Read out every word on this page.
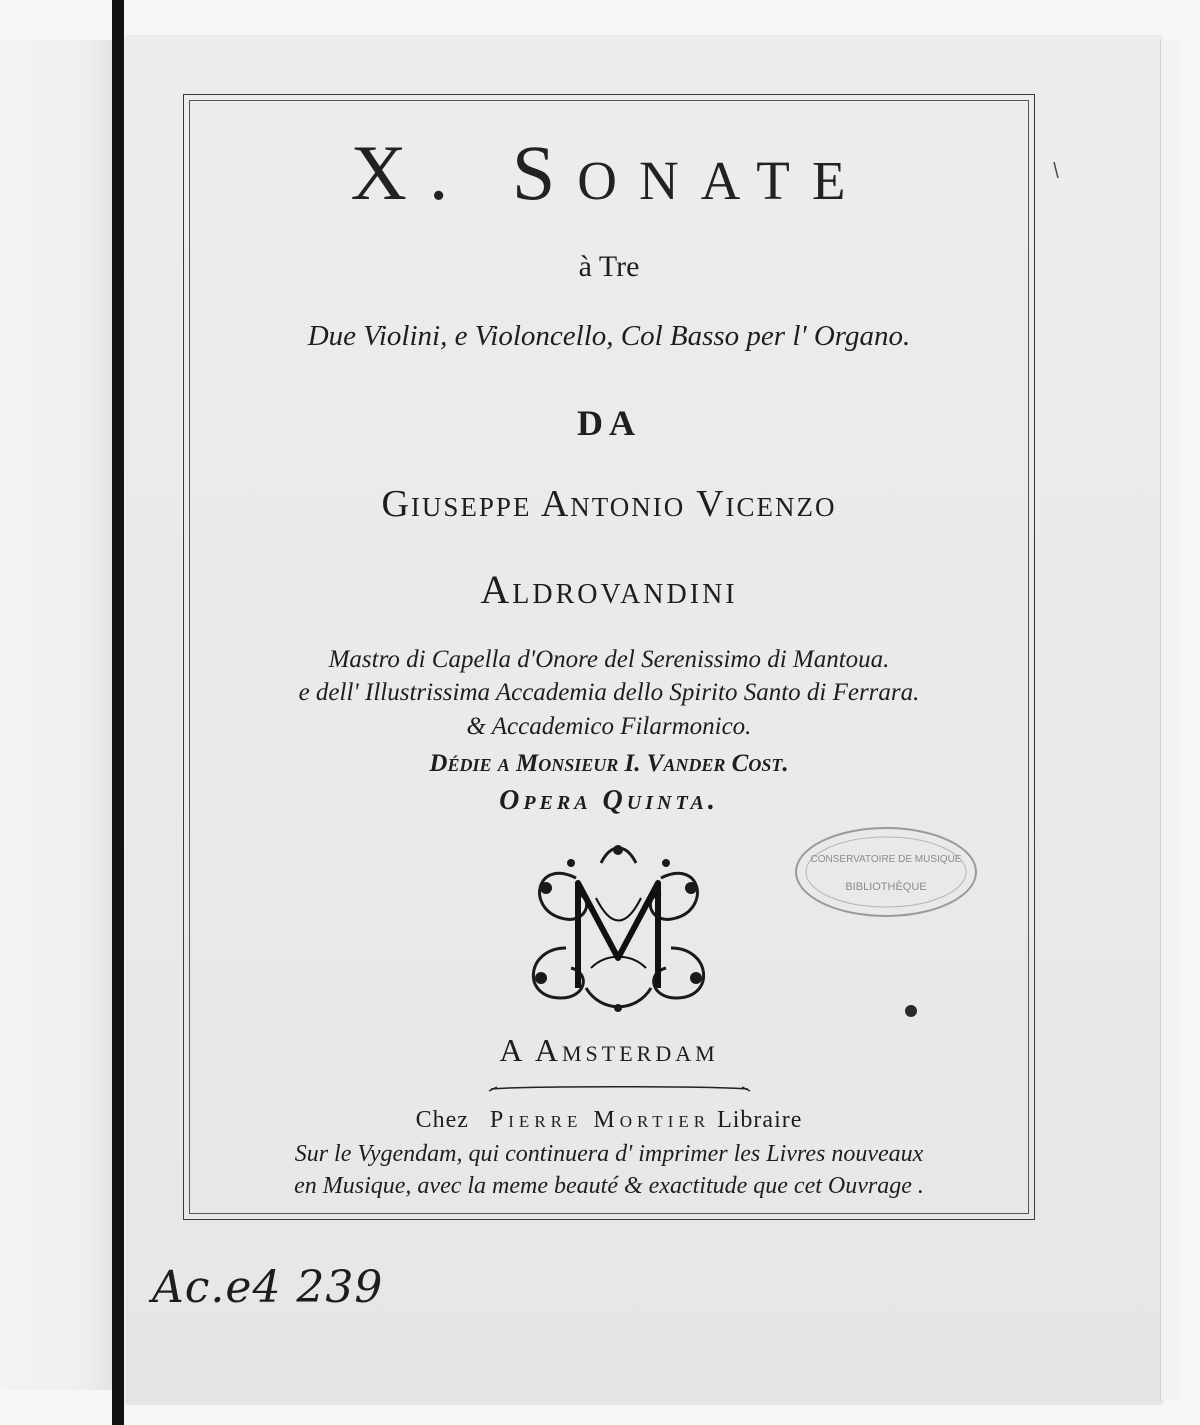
X. Sonate

à Tre

Due Violini, e Violoncello, Col Basso per l' Organo.

DA

Giuseppe Antonio Vicenzo

Aldrovandini

Mastro di Capella d'Onore del Serenissimo di Mantoua.

e dell' Illustrissima Accademia dello Spirito Santo di Ferrara.

& Accademico Filarmonico.

Dédie a Monsieur I. Vander Cost.

Opera Quinta.

CONSERVATOIRE DE MUSIQUE
BIBLIOTHÈQUE

A Amsterdam

Chez Pierre Mortier Libraire

Sur le Vygendam, qui continuera d' imprimer les Livres nouveaux

en Musique, avec la meme beauté & exactitude que cet Ouvrage .

Ac.e4 239
